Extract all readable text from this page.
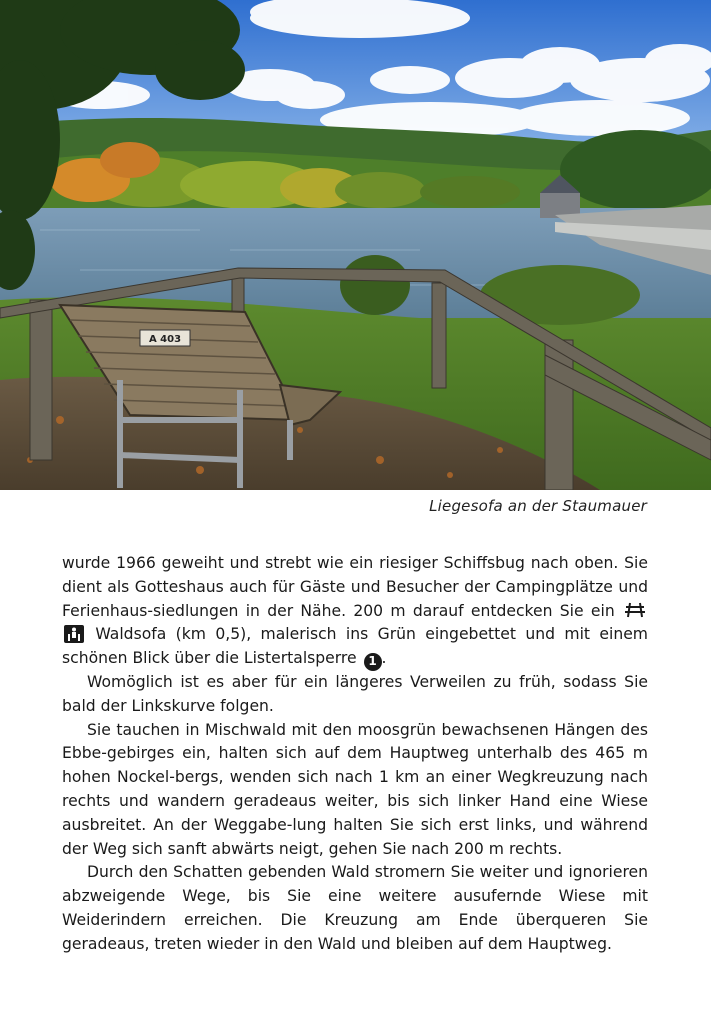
A 403
Liegesofa an der Staumauer

wurde 1966 geweiht und strebt wie ein riesiger Schiffsbug nach oben. Sie dient als Gotteshaus auch für Gäste und Besucher der Campingplätze und Ferienhaus-siedlungen in der Nähe. 200 m darauf entdecken Sie ein

Waldsofa (km 0,5), malerisch ins Grün eingebettet und mit einem schönen Blick über die Listertalsperre 1 .

Womöglich ist es aber für ein längeres Verweilen zu früh, sodass Sie bald der Linkskurve folgen.

Sie tauchen in Mischwald mit den moosgrün bewachsenen Hängen des Ebbe-gebirges ein, halten sich auf dem Hauptweg unterhalb des 465 m hohen Nockel-bergs, wenden sich nach 1 km an einer Wegkreuzung nach rechts und wandern geradeaus weiter, bis sich linker Hand eine Wiese ausbreitet. An der Weggabe-lung halten Sie sich erst links, und während der Weg sich sanft abwärts neigt, gehen Sie nach 200 m rechts.

Durch den Schatten gebenden Wald stromern Sie weiter und ignorieren abzweigende Wege, bis Sie eine weitere ausufernde Wiese mit Weiderindern erreichen. Die Kreuzung am Ende überqueren Sie geradeaus, treten wieder in den Wald und bleiben auf dem Hauptweg.
